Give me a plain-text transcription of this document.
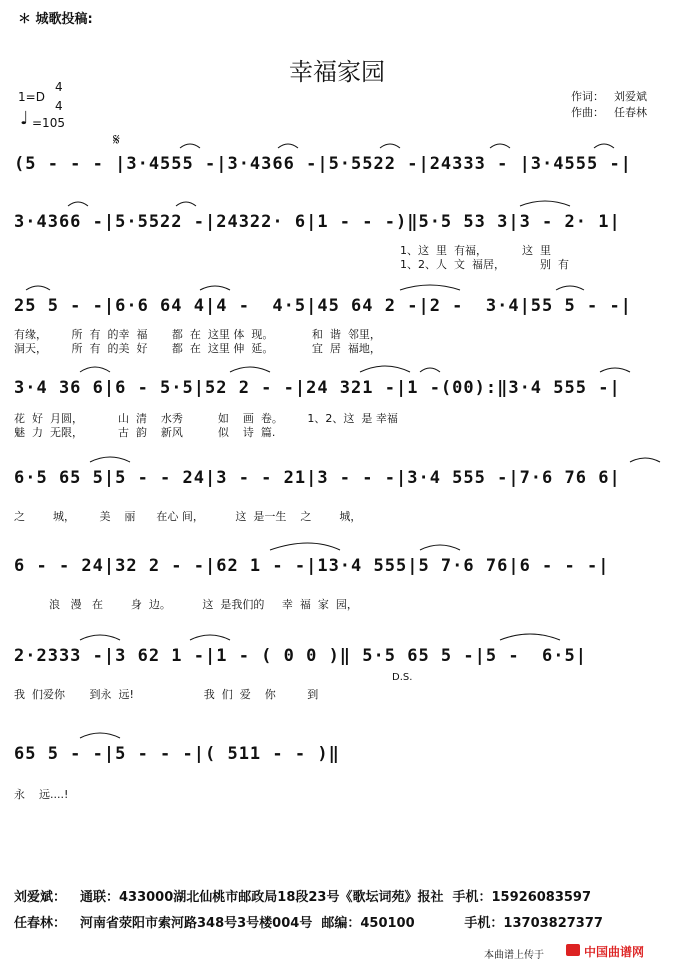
＊ 城歌投稿:
幸福家园
1=D
4
4
♩ =105
作词： 刘爱斌
作曲： 任春林
𝄋
(5 - - - |3·4555 -|3·4366 -|5·5522 -|24333 - |3·4555 -|
3·4366 -|5·5522 -|24322· 6|1 - - -)‖5·5 53 3|3 - 2· 1|
1、这  里  有福，          这  里
1、2、人  文  福居，          别  有
25 5 - -|6·6 64 4|4 -  4·5|45 64 2 -|2 -  3·4|55 5 - -|
有缘，       所  有  的幸  福       都  在  这里 体  现。           和  谐  邻里，
洞天，       所  有  的美  好       都  在  这里 伸  延。           宜  居  福地，
3·4 36 6|6 - 5·5|52 2 - -|24 321 -|1 -(00):‖3·4 555 -|
花  好  月圆，          山  清    水秀          如    画  卷。       1、2、这  是 幸福
魅  力  无限，          古  韵    新风          似    诗  篇.
6·5 65 5|5 - - 24|3 - - 21|3 - - -|3·4 555 -|7·6 76 6|
之        城，       美    丽      在心 间，         这  是一生    之        城，
6 - - 24|32 2 - -|62 1 - -|13·4 555|5 7·6 76|6 - - -|
浪   漫   在        身  边。         这  是我们的     幸  福  家  园，
2·2333 -|3 62 1 -|1 - ( 0 0 )‖ 5·5 65 5 -|5 -  6·5|
D.S.
我  们爱你       到永  远!                    我  们  爱    你         到
65 5 - -|5 - - -|( 511 - - )‖
永    远....!
刘爱斌： 通联：433000湖北仙桃市邮政局18段23号《歌坛词苑》报社  手机：15926083597
任春林： 河南省荥阳市索河路348号3号楼004号  邮编：450100           手机：13703827377
本曲谱上传于	中国曲谱网
